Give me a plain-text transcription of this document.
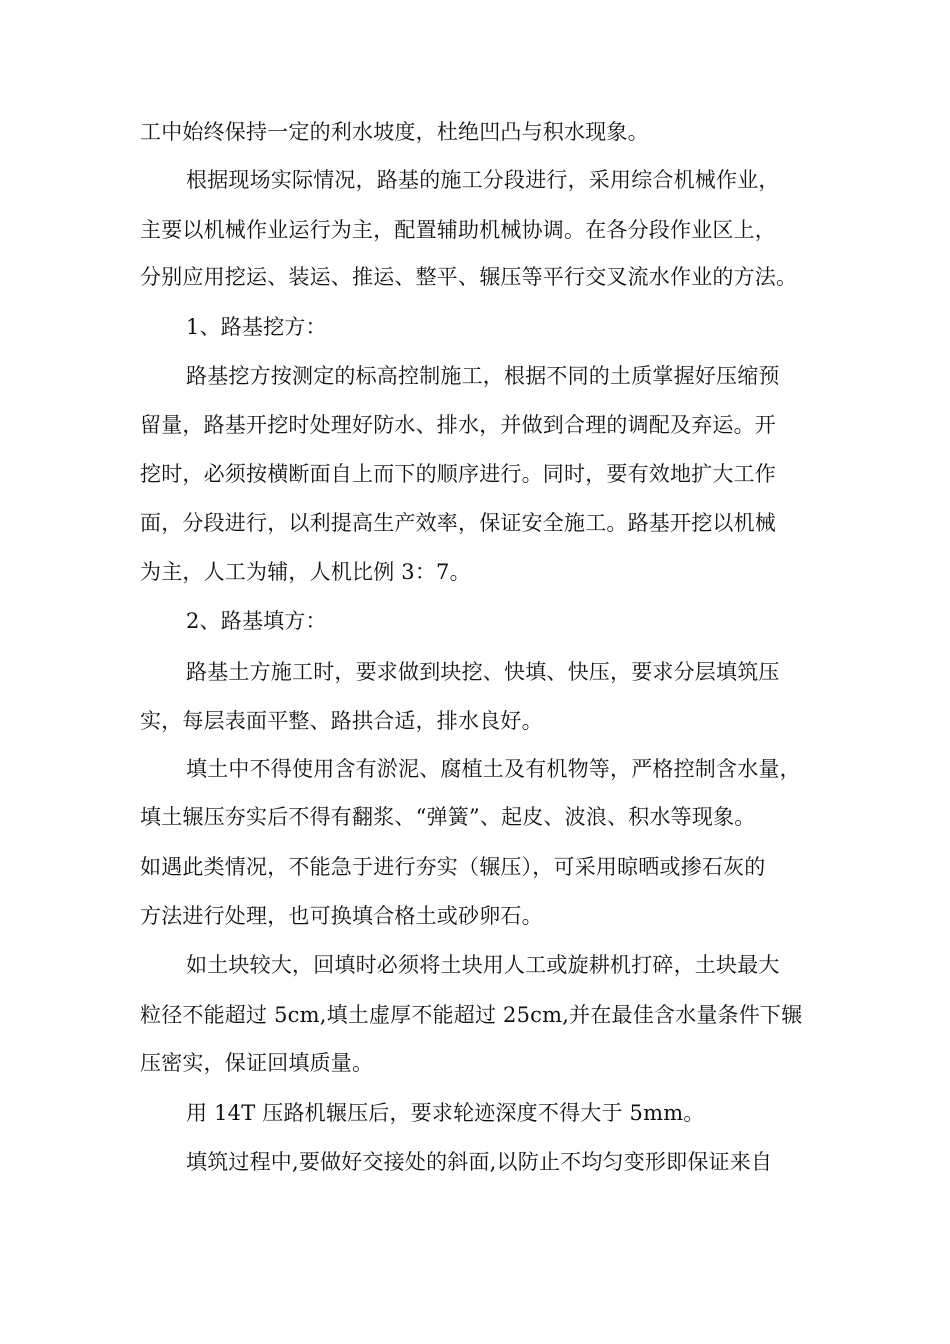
工中始终保持一定的利水坡度，杜绝凹凸与积水现象。
根据现场实际情况，路基的施工分段进行，采用综合机械作业，
主要以机械作业运行为主，配置辅助机械协调。在各分段作业区上，
分别应用挖运、装运、推运、整平、辗压等平行交叉流水作业的方法。
1、路基挖方：
路基挖方按测定的标高控制施工，根据不同的土质掌握好压缩预
留量，路基开挖时处理好防水、排水，并做到合理的调配及弃运。开
挖时，必须按横断面自上而下的顺序进行。同时，要有效地扩大工作
面，分段进行，以利提高生产效率，保证安全施工。路基开挖以机械
为主，人工为辅，人机比例 3：7。
2、路基填方：
路基土方施工时，要求做到块挖、快填、快压，要求分层填筑压
实，每层表面平整、路拱合适，排水良好。
填土中不得使用含有淤泥、腐植土及有机物等，严格控制含水量，
填土辗压夯实后不得有翻浆、“弹簧”、起皮、波浪、积水等现象。
如遇此类情况，不能急于进行夯实（辗压），可采用晾晒或掺石灰的
方法进行处理，也可换填合格土或砂卵石。
如土块较大，回填时必须将土块用人工或旋耕机打碎，土块最大
粒径不能超过 5cm,填土虚厚不能超过 25cm,并在最佳含水量条件下辗
压密实，保证回填质量。
用 14T 压路机辗压后，要求轮迹深度不得大于 5mm。
填筑过程中,要做好交接处的斜面,以防止不均匀变形即保证来自
